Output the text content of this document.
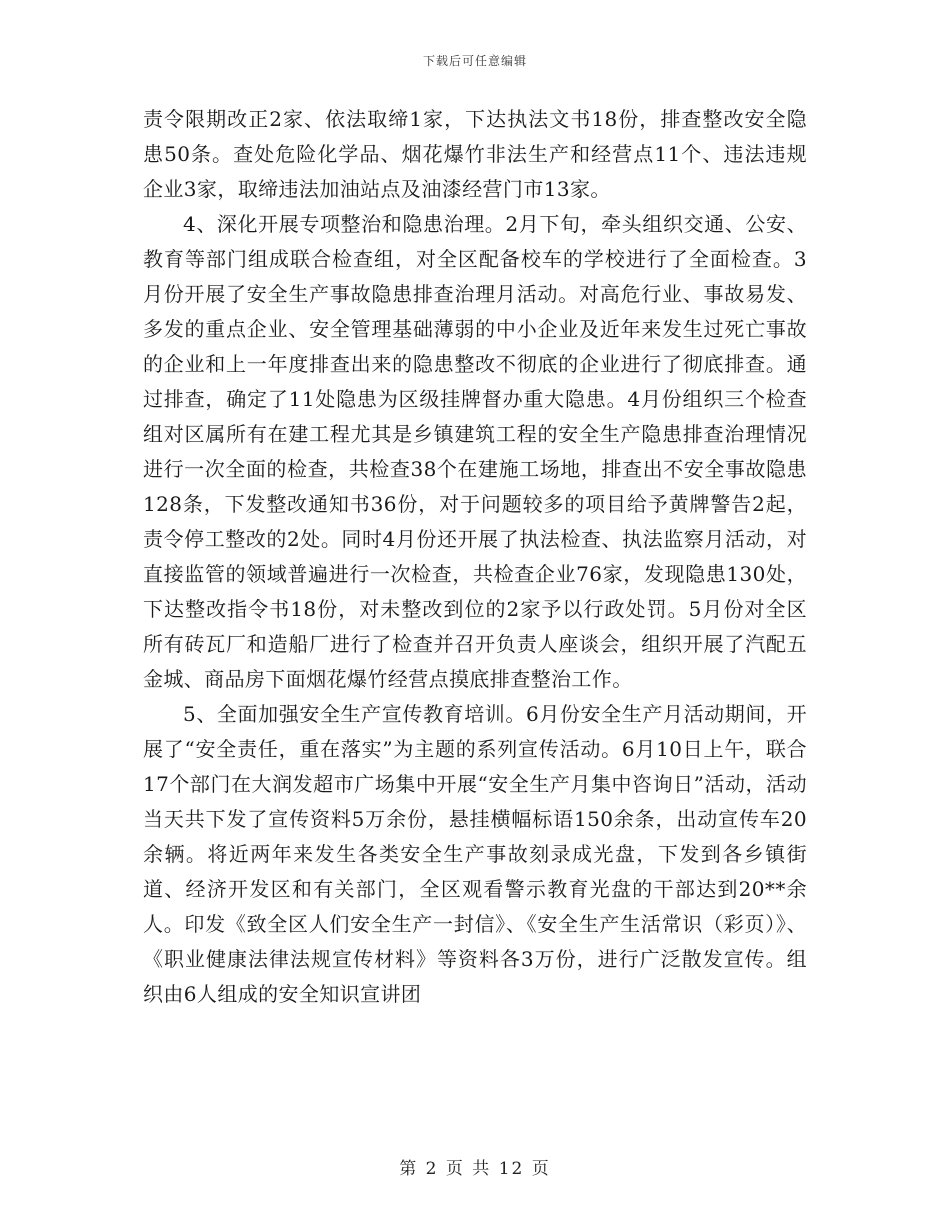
下载后可任意编辑

责令限期改正2家、依法取缔1家，下达执法文书18份，排查整改安全隐患50条。查处危险化学品、烟花爆竹非法生产和经营点11个、违法违规企业3家，取缔违法加油站点及油漆经营门市13家。

4、深化开展专项整治和隐患治理。2月下旬，牵头组织交通、公安、教育等部门组成联合检查组，对全区配备校车的学校进行了全面检查。3月份开展了安全生产事故隐患排查治理月活动。对高危行业、事故易发、多发的重点企业、安全管理基础薄弱的中小企业及近年来发生过死亡事故的企业和上一年度排查出来的隐患整改不彻底的企业进行了彻底排查。通过排查，确定了11处隐患为区级挂牌督办重大隐患。4月份组织三个检查组对区属所有在建工程尤其是乡镇建筑工程的安全生产隐患排查治理情况进行一次全面的检查，共检查38个在建施工场地，排查出不安全事故隐患128条，下发整改通知书36份，对于问题较多的项目给予黄牌警告2起，责令停工整改的2处。同时4月份还开展了执法检查、执法监察月活动，对直接监管的领域普遍进行一次检查，共检查企业76家，发现隐患130处，下达整改指令书18份，对未整改到位的2家予以行政处罚。5月份对全区所有砖瓦厂和造船厂进行了检查并召开负责人座谈会，组织开展了汽配五金城、商品房下面烟花爆竹经营点摸底排查整治工作。

5、全面加强安全生产宣传教育培训。6月份安全生产月活动期间，开展了“安全责任，重在落实”为主题的系列宣传活动。6月10日上午，联合17个部门在大润发超市广场集中开展“安全生产月集中咨询日”活动，活动当天共下发了宣传资料5万余份，悬挂横幅标语150余条，出动宣传车20余辆。将近两年来发生各类安全生产事故刻录成光盘，下发到各乡镇街道、经济开发区和有关部门，全区观看警示教育光盘的干部达到20**余人。印发《致全区人们安全生产一封信》、《安全生产生活常识（彩页）》、《职业健康法律法规宣传材料》等资料各3万份，进行广泛散发宣传。组织由6人组成的安全知识宣讲团

第 2 页 共 12 页
